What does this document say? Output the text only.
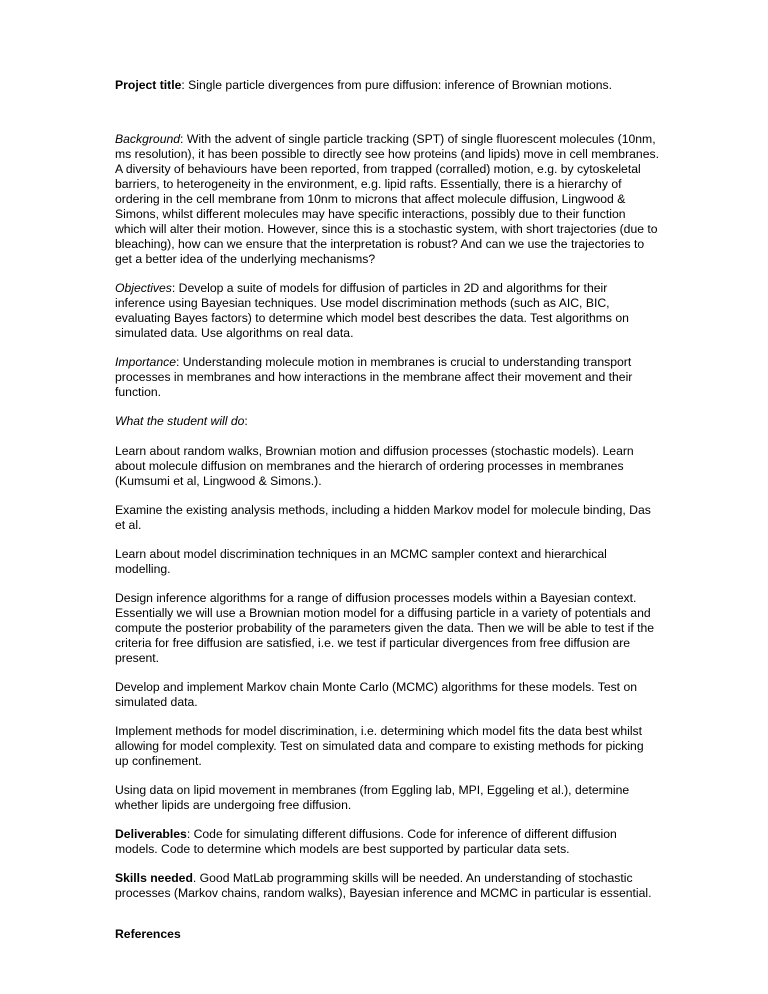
Project title: Single particle divergences from pure diffusion: inference of Brownian motions.

Background: With the advent of single particle tracking (SPT) of single fluorescent molecules (10nm, ms resolution), it has been possible to directly see how proteins (and lipids) move in cell membranes. A diversity of behaviours have been reported, from trapped (corralled) motion, e.g. by cytoskeletal barriers, to heterogeneity in the environment, e.g. lipid rafts. Essentially, there is a hierarchy of ordering in the cell membrane from 10nm to microns that affect molecule diffusion, Lingwood & Simons, whilst different molecules may have specific interactions, possibly due to their function which will alter their motion. However, since this is a stochastic system, with short trajectories (due to bleaching), how can we ensure that the interpretation is robust? And can we use the trajectories to get a better idea of the underlying mechanisms?

Objectives: Develop a suite of models for diffusion of particles in 2D and algorithms for their inference using Bayesian techniques. Use model discrimination methods (such as AIC, BIC, evaluating Bayes factors) to determine which model best describes the data. Test algorithms on simulated data. Use algorithms on real data.

Importance: Understanding molecule motion in membranes is crucial to understanding transport processes in membranes and how interactions in the membrane affect their movement and their function.

What the student will do:

Learn about random walks, Brownian motion and diffusion processes (stochastic models). Learn about molecule diffusion on membranes and the hierarch of ordering processes in membranes (Kumsumi et al, Lingwood & Simons.).

Examine the existing analysis methods, including a hidden Markov model for molecule binding, Das et al.

Learn about model discrimination techniques in an MCMC sampler context and hierarchical modelling.

Design inference algorithms for a range of diffusion processes models within a Bayesian context. Essentially we will use a Brownian motion model for a diffusing particle in a variety of potentials and compute the posterior probability of the parameters given the data. Then we will be able to test if the criteria for free diffusion are satisfied, i.e. we test if particular divergences from free diffusion are present.

Develop and implement Markov chain Monte Carlo (MCMC) algorithms for these models. Test on simulated data.

Implement methods for model discrimination, i.e. determining which model fits the data best whilst allowing for model complexity. Test on simulated data and compare to existing methods for picking up confinement.

Using data on lipid movement in membranes (from Eggling lab, MPI, Eggeling et al.), determine whether lipids are undergoing free diffusion.

Deliverables: Code for simulating different diffusions. Code for inference of different diffusion models. Code to determine which models are best supported by particular data sets.

Skills needed. Good MatLab programming skills will be needed. An understanding of stochastic processes (Markov chains, random walks), Bayesian inference and MCMC in particular is essential.

References
